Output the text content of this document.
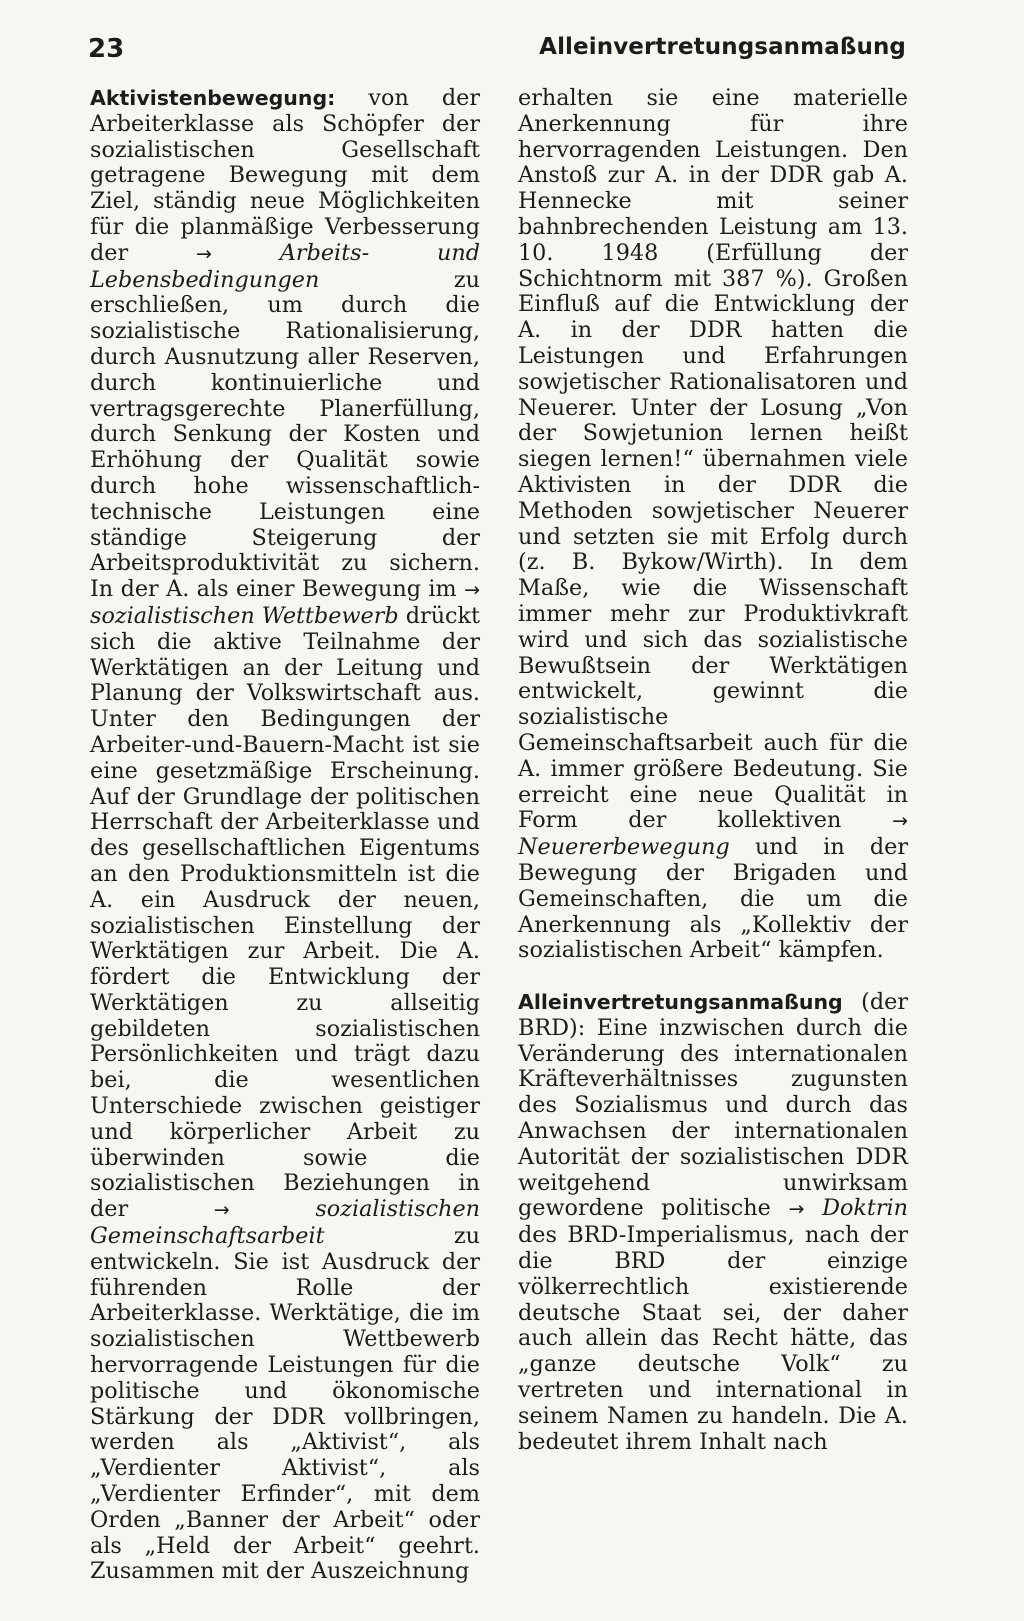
23	Alleinvertretungsanmaßung

Aktivistenbewegung: von der Arbeiterklasse als Schöpfer der sozialistischen Gesellschaft getragene Bewegung mit dem Ziel, ständig neue Möglichkeiten für die planmäßige Verbesserung der →	Arbeits- und Lebensbedingungen zu erschließen, um durch die sozialistische Rationalisierung, durch Ausnutzung aller Reserven, durch kontinuierliche und vertragsgerechte Planerfüllung, durch Senkung der Kosten und Erhöhung der Qualität sowie durch hohe wissenschaftlich-technische Leistungen eine ständige Steigerung der Arbeitsproduktivität zu sichern. In der A. als einer Bewegung im → sozialistischen Wettbewerb drückt sich die aktive Teilnahme der Werktätigen an der Leitung und Planung der Volkswirtschaft aus. Unter den Bedingungen der Arbeiter-und-Bauern-Macht ist sie eine gesetzmäßige Erscheinung. Auf der Grundlage der politischen Herrschaft der Arbeiterklasse und des gesellschaftlichen Eigentums an den Produktionsmitteln ist die A. ein Ausdruck der neuen, sozialistischen Einstellung der Werktätigen zur Arbeit. Die A. fördert die Entwicklung der Werktätigen zu allseitig gebildeten sozialistischen Persönlichkeiten und trägt dazu bei, die wesentlichen Unterschiede zwischen geistiger und körperlicher Arbeit zu überwinden sowie die sozialistischen Beziehungen in der →	sozialistischen Gemeinschaftsarbeit zu entwickeln. Sie ist Ausdruck der führenden Rolle der Arbeiterklasse. Werktätige, die im sozialistischen Wettbewerb hervorragende Leistungen für die politische und ökonomische Stärkung der DDR vollbringen, werden als „Aktivist“, als „Verdienter Aktivist“, als „Verdienter Erfinder“, mit dem Orden „Banner der Arbeit“ oder als „Held der Arbeit“ geehrt. Zusammen mit der Auszeichnung

erhalten sie eine materielle Anerkennung für ihre hervorragenden Leistungen. Den Anstoß zur A. in der DDR gab A. Hennecke mit seiner bahnbrechenden Leistung am 13. 10. 1948 (Erfüllung der Schichtnorm mit 387 %). Großen Einfluß auf die Entwicklung der A. in der DDR hatten die Leistungen und Erfahrungen sowjetischer Rationalisatoren und Neuerer. Unter der Losung „Von der Sowjetunion lernen heißt siegen lernen!“ übernahmen viele Aktivisten in der DDR die Methoden sowjetischer Neuerer und setzten sie mit Erfolg durch (z. B. Bykow/Wirth). In dem Maße, wie die Wissenschaft immer mehr zur Produktivkraft wird und sich das sozialistische Bewußtsein der Werktätigen entwickelt, gewinnt die sozialistische Gemeinschaftsarbeit auch für die A. immer größere Bedeutung. Sie erreicht eine neue Qualität in Form der kollektiven → Neuererbewegung und in der Bewegung der Brigaden und Gemeinschaften, die um die Anerkennung als „Kollektiv der sozialistischen Arbeit“ kämpfen.

Alleinvertretungsanmaßung (der BRD): Eine inzwischen durch die Veränderung des internationalen Kräfteverhältnisses zugunsten des Sozialismus und durch das Anwachsen der internationalen Autorität der sozialistischen DDR weitgehend unwirksam gewordene politische → Doktrin des BRD-Imperialismus, nach der die BRD der einzige völkerrechtlich existierende deutsche Staat sei, der daher auch allein das Recht hätte, das „ganze deutsche Volk“ zu vertreten und international in seinem Namen zu handeln. Die A. bedeutet ihrem Inhalt nach
